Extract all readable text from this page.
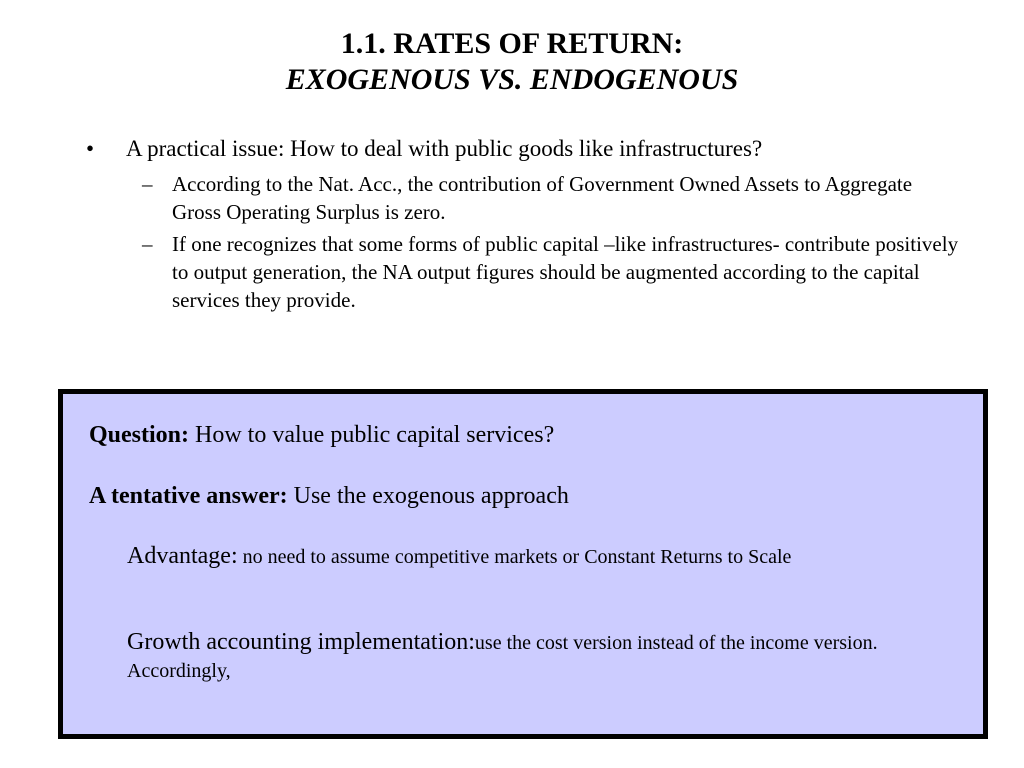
1.1. RATES OF RETURN:
EXOGENOUS VS. ENDOGENOUS
• A practical issue: How to deal with public goods like infrastructures?
– According to the Nat. Acc., the contribution of Government Owned Assets to Aggregate Gross Operating Surplus is zero.
– If one recognizes that some forms of public capital –like infrastructures- contribute positively to output generation, the NA output figures should be augmented according to the capital services they provide.

Question: How to value public capital services?

A tentative answer: Use the exogenous approach

Advantage: no need to assume competitive markets or Constant Returns to Scale

Growth accounting implementation:use the cost version instead of the income version. Accordingly,
